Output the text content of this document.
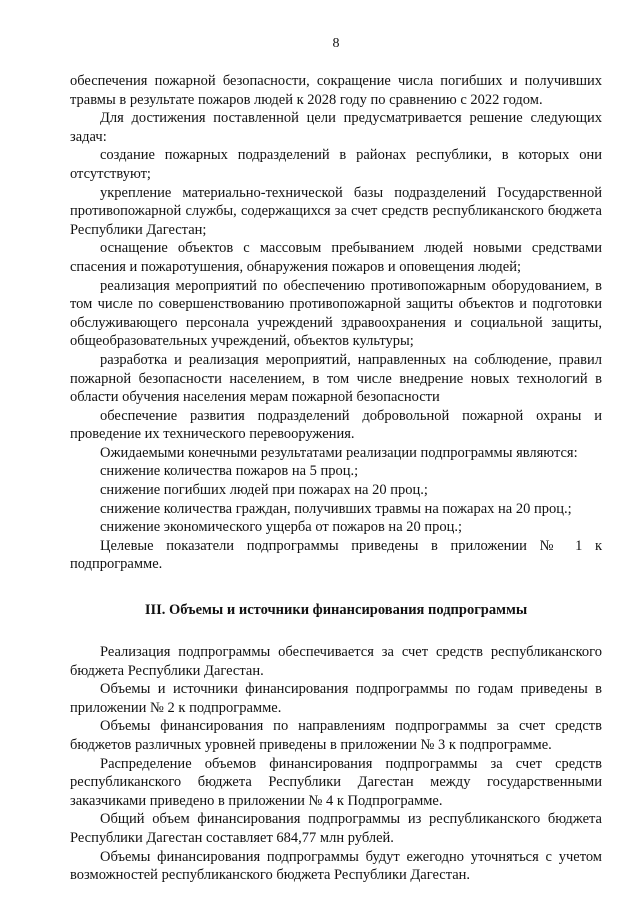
8

обеспечения пожарной безопасности, сокращение числа погибших и получивших травмы в результате пожаров людей к 2028 году по сравнению с 2022 годом.

Для достижения поставленной цели предусматривается решение следующих задач:

создание пожарных подразделений в районах республики, в которых они отсутствуют;

укрепление материально-технической базы подразделений Государственной противопожарной службы, содержащихся за счет средств республиканского бюджета Республики Дагестан;

оснащение объектов с массовым пребыванием людей новыми средствами спасения и пожаротушения, обнаружения пожаров и оповещения людей;

реализация мероприятий по обеспечению противопожарным оборудованием, в том числе по совершенствованию противопожарной защиты объектов и подготовки обслуживающего персонала учреждений здравоохранения и социальной защиты, общеобразовательных учреждений, объектов культуры;

разработка и реализация мероприятий, направленных на соблюдение, правил пожарной безопасности населением, в том числе внедрение новых технологий в области обучения населения мерам пожарной безопасности

обеспечение развития подразделений добровольной пожарной охраны и проведение их технического перевооружения.

Ожидаемыми конечными результатами реализации подпрограммы являются:

снижение количества пожаров на 5 проц.;

снижение погибших людей при пожарах на 20 проц.;

снижение количества граждан, получивших травмы на пожарах на 20 проц.;

снижение экономического ущерба от пожаров на 20 проц.;

Целевые показатели подпрограммы приведены в приложении № 1 к подпрограмме.

III. Объемы и источники финансирования подпрограммы

Реализация подпрограммы обеспечивается за счет средств республиканского бюджета Республики Дагестан.

Объемы и источники финансирования подпрограммы по годам приведены в приложении № 2 к подпрограмме.

Объемы финансирования по направлениям подпрограммы за счет средств бюджетов различных уровней приведены в приложении № 3 к подпрограмме.

Распределение объемов финансирования подпрограммы за счет средств республиканского бюджета Республики Дагестан между государственными заказчиками приведено в приложении № 4 к Подпрограмме.

Общий объем финансирования подпрограммы из республиканского бюджета Республики Дагестан составляет 684,77 млн рублей.

Объемы финансирования подпрограммы будут ежегодно уточняться с учетом возможностей республиканского бюджета Республики Дагестан.
